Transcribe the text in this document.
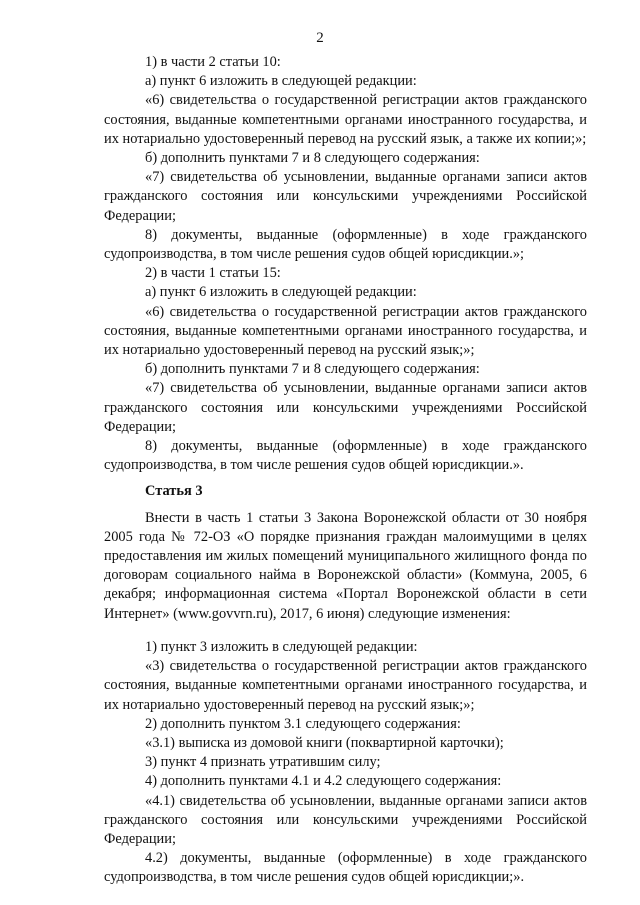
2

1) в части 2 статьи 10:

а) пункт 6 изложить в следующей редакции:

«6) свидетельства о государственной регистрации актов гражданского состояния, выданные компетентными органами иностранного государства, и их нотариально удостоверенный перевод на русский язык, а также их копии;»;

б) дополнить пунктами 7 и 8 следующего содержания:

«7) свидетельства об усыновлении, выданные органами записи актов гражданского состояния или консульскими учреждениями Российской Федерации;

8) документы, выданные (оформленные) в ходе гражданского судопроизводства, в том числе решения судов общей юрисдикции.»;

2) в части 1 статьи 15:

а) пункт 6 изложить в следующей редакции:

«6) свидетельства о государственной регистрации актов гражданского состояния, выданные компетентными органами иностранного государства, и их нотариально удостоверенный перевод на русский язык;»;

б) дополнить пунктами 7 и 8 следующего содержания:

«7) свидетельства об усыновлении, выданные органами записи актов гражданского состояния или консульскими учреждениями Российской Федерации;

8) документы, выданные (оформленные) в ходе гражданского судопроизводства, в том числе решения судов общей юрисдикции.».

Статья 3

Внести в часть 1 статьи 3 Закона Воронежской области от 30 ноября 2005 года № 72-ОЗ «О порядке признания граждан малоимущими в целях предоставления им жилых помещений муниципального жилищного фонда по договорам социального найма в Воронежской области» (Коммуна, 2005, 6 декабря; информационная система «Портал Воронежской области в сети Интернет» (www.govvrn.ru), 2017, 6 июня) следующие изменения:

1) пункт 3 изложить в следующей редакции:

«3) свидетельства о государственной регистрации актов гражданского состояния, выданные компетентными органами иностранного государства, и их нотариально удостоверенный перевод на русский язык;»;

2) дополнить пунктом 3.1 следующего содержания:

«3.1) выписка из домовой книги (поквартирной карточки);

3) пункт 4 признать утратившим силу;

4) дополнить пунктами 4.1 и 4.2 следующего содержания:

«4.1) свидетельства об усыновлении, выданные органами записи актов гражданского состояния или консульскими учреждениями Российской Федерации;

4.2) документы, выданные (оформленные) в ходе гражданского судопроизводства, в том числе решения судов общей юрисдикции;».
